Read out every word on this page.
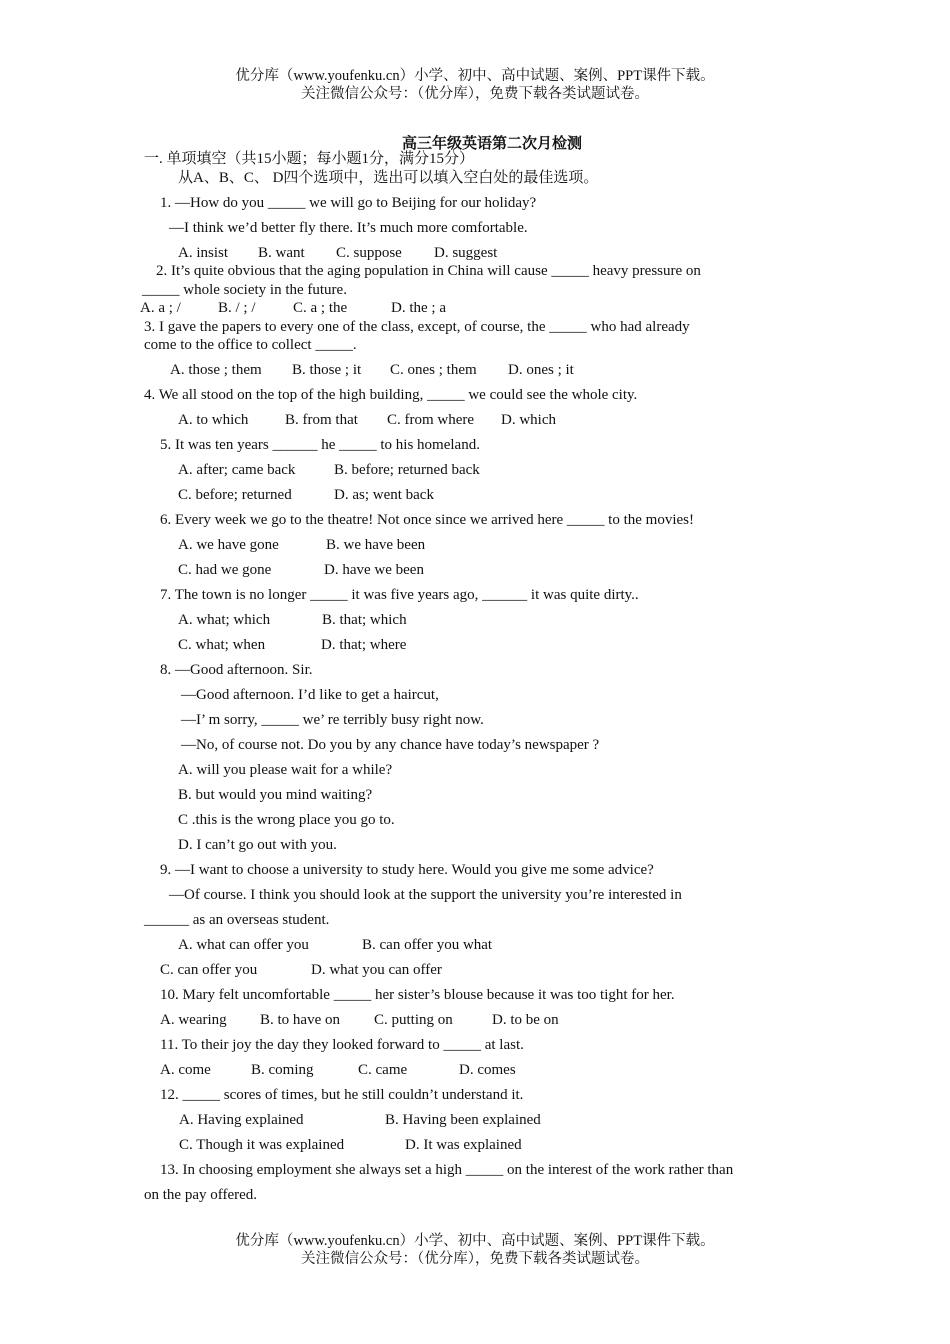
优分库（www.youfenku.cn）小学、初中、高中试题、案例、PPT课件下载。
关注微信公众号：（优分库），免费下载各类试题试卷。
高三年级英语第二次月检测
一. 单项填空（共15小题；每小题1分，满分15分）
从A、B、C、 D四个选项中，选出可以填入空白处的最佳选项。
1. —How do you _____ we will go to Beijing for our holiday?
—I think we’d better fly there. It’s much more comfortable.
A. insist B. want C. suppose D. suggest
2. It’s quite obvious that the aging population in China will cause _____ heavy pressure on
_____ whole society in the future.
A. a ; / B. / ; / C. a ; the	D. the ; a
3. I gave the papers to every one of the class, except, of course, the _____ who had already
come to the office to collect _____.
A. those ; them B. those ; it C. ones ; them D. ones ; it
4. We all stood on the top of the high building, _____ we could see the whole city.
A. to which B. from that C. from where D. which
5. It was ten years ______ he _____ to his homeland.
A. after; came back	B. before; returned back
C. before; returned	D. as; went back
6. Every week we go to the theatre! Not once since we arrived here _____ to the movies!
A. we have gone	B. we have been
C. had we gone	D. have we been
7. The town is no longer _____ it was five years ago, ______ it was quite dirty..
A. what; which	B. that; which
C. what; when	D. that; where
8. —Good afternoon. Sir.
—Good afternoon. I’d like to get a haircut,
—I’ m sorry, _____ we’ re terribly busy right now.
—No, of course not. Do you by any chance have today’s newspaper ?
A. will you please wait for a while?
B. but would you mind waiting?
C .this is the wrong place you go to.
D. I can’t go out with you.
9. —I want to choose a university to study here. Would you give me some advice?
—Of course. I think you should look at the support the university you’re interested in
______ as an overseas student.
A. what can offer you	B. can offer you what
C. can offer you	D. what you can offer
10. Mary felt uncomfortable _____ her sister’s blouse because it was too tight for her.
A. wearing B. to have on C. putting on	D. to be on
11. To their joy the day they looked forward to _____ at last.
A. come	B. coming	C. came	D. comes
12. _____ scores of times, but he still couldn’t understand it.
A. Having explained	B. Having been explained
C. Though it was explained	D. It was explained
13. In choosing employment she always set a high _____ on the interest of the work rather than
on the pay offered.
优分库（www.youfenku.cn）小学、初中、高中试题、案例、PPT课件下载。
关注微信公众号：（优分库），免费下载各类试题试卷。
